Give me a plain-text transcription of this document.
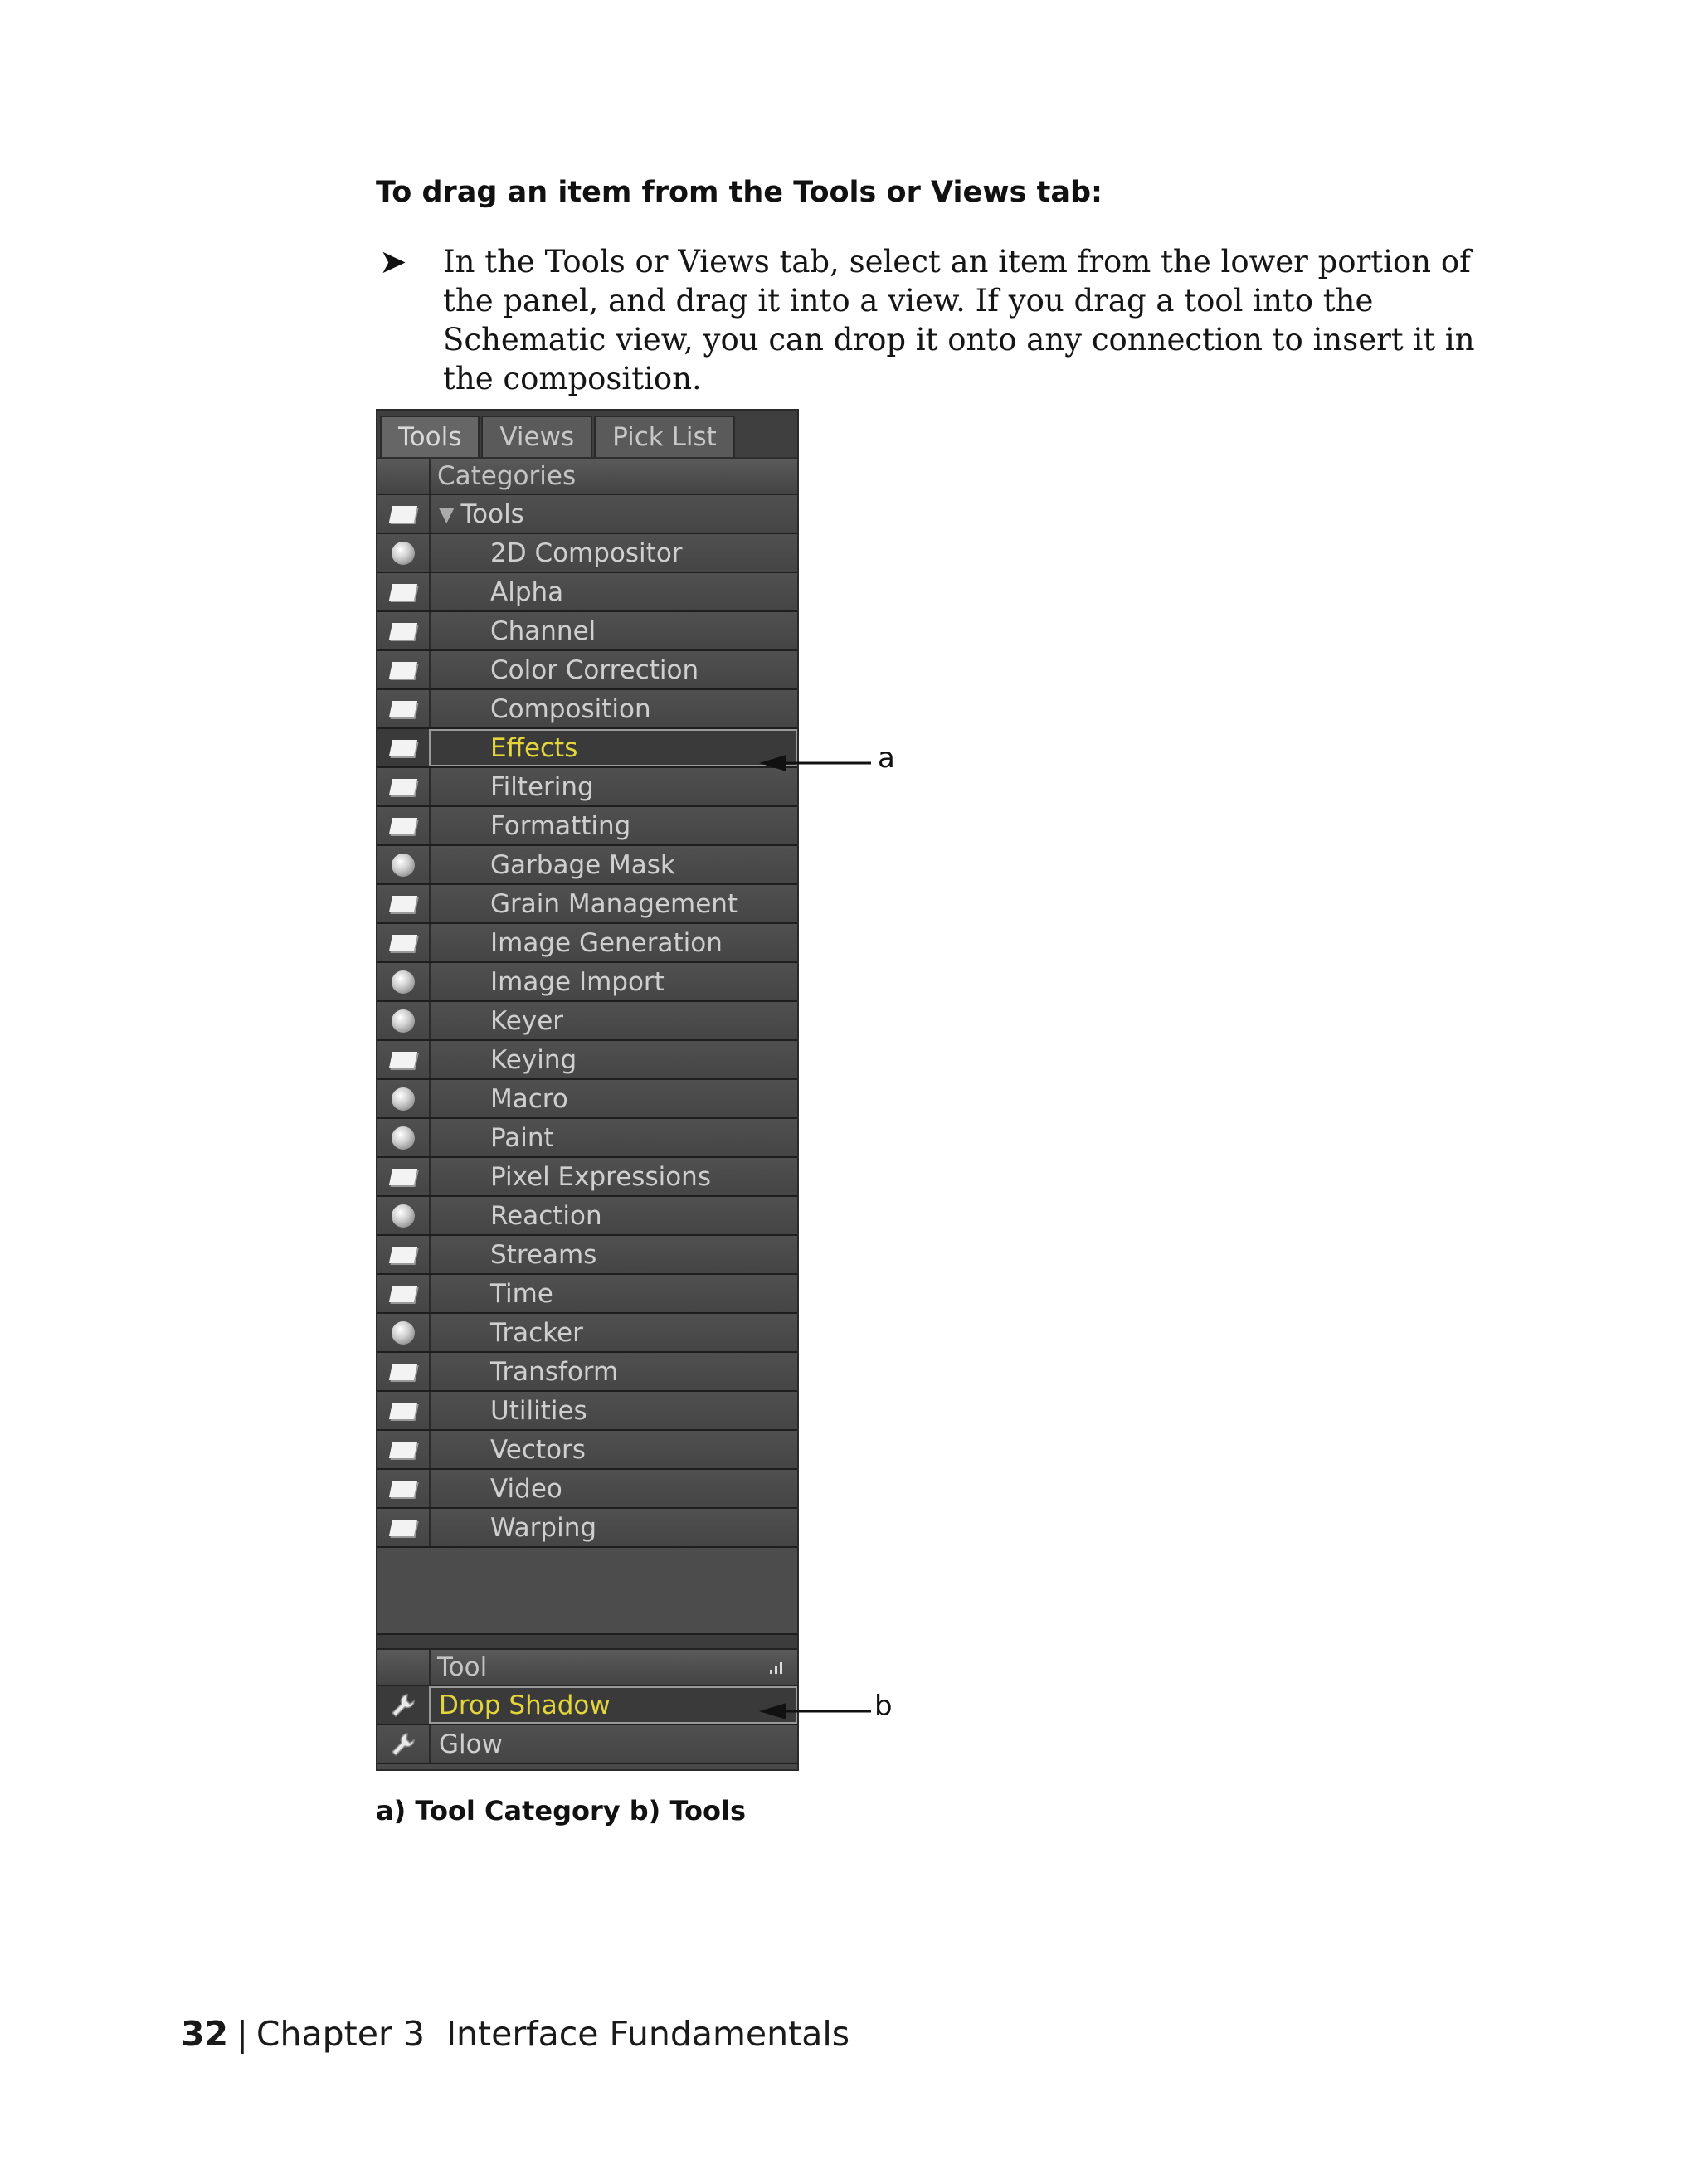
To drag an item from the Tools or Views tab:

➤ In the Tools or Views tab, select an item from the lower portion of the panel, and drag it into a view. If you drag a tool into the Schematic view, you can drop it onto any connection to insert it in the composition.
Tools	Views	Pick List
Categories
▼ Tools
2D Compositor
Alpha
Channel
Color Correction
Composition
Effects
Filtering
Formatting
Garbage Mask
Grain Management
Image Generation
Image Import
Keyer
Keying
Macro
Paint
Pixel Expressions
Reaction
Streams
Time
Tracker
Transform
Utilities
Vectors
Video
Warping
Tool
Drop Shadow
Glow
a
b
a) Tool Category b) Tools
32 | Chapter 3 Interface Fundamentals
